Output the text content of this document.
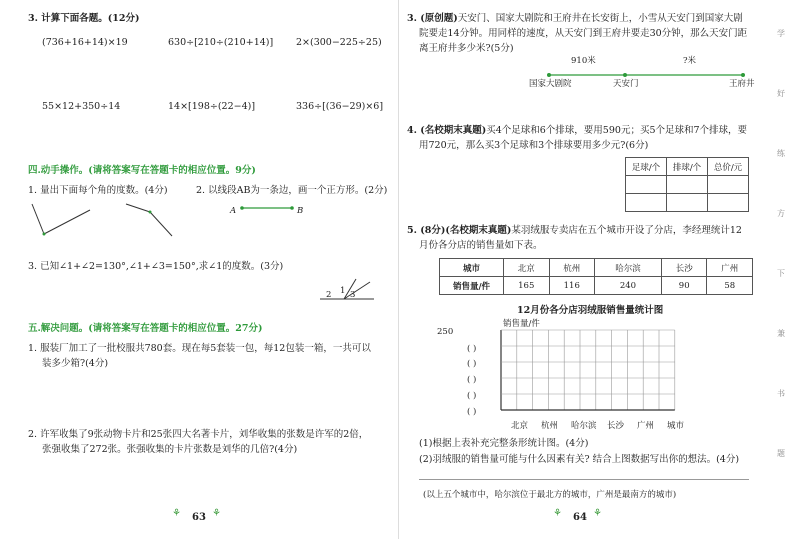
3. 计算下面各题。(12分)
(736+16+14)×19	630÷[210÷(210+14)] 2×(300−225÷25)
55×12+350÷14	14×[198÷(22−4)]	336÷[(36−29)×6]
四.动手操作。(请将答案写在答题卡的相应位置。9分)
1. 量出下面每个角的度数。(4分)	2. 以线段AB为一条边，画一个正方形。(2分)
A	B
3. 已知∠1+∠2=130°,∠1+∠3=150°,求∠1的度数。(3分)
2 1 3
五.解决问题。(请将答案写在答题卡的相应位置。27分)
1. 服装厂加工了一批校服共780套。现在每5套装一包，每12包装一箱，一共可以
装多少箱?(4分)
2. 许军收集了9张动物卡片和25张四大名著卡片，刘华收集的张数是许军的2倍，
张强收集了272张。张强收集的卡片张数是刘华的几倍?(4分)
⚘ 63 ⚘
3. (原创题)天安门、国家大剧院和王府井在长安街上，小雪从天安门到国家大剧
院要走14分钟。用同样的速度，从天安门到王府井要走30分钟，那么天安门距
离王府井多少米?(5分)
910米	?米
国家大剧院	天安门	王府井
4. (名校期末真题)买4个足球和6个排球，要用590元；买5个足球和7个排球，要
用720元，那么买3个足球和3个排球要用多少元?(6分)
足球/个	排球/个	总价/元

5. (8分)(名校期末真题)某羽绒服专卖店在五个城市开设了分店，李经理统计12
月份各分店的销售量如下表。
城市	北京	杭州	哈尔滨	长沙	广州
销售量/件	165	116	240	90	58
12月份各分店羽绒服销售量统计图
250
销售量/件
( )
( )
( )
( )
( )
北京 杭州 哈尔滨 长沙 广州 城市
(1)根据上表补充完整条形统计图。(4分)
(2)羽绒服的销售量可能与什么因素有关? 结合上图数据写出你的想法。(4分)
(以上五个城市中，哈尔滨位于最北方的城市，广州是最南方的城市)
⚘ 64 ⚘
学
好
练
方
下
兼
书
题
